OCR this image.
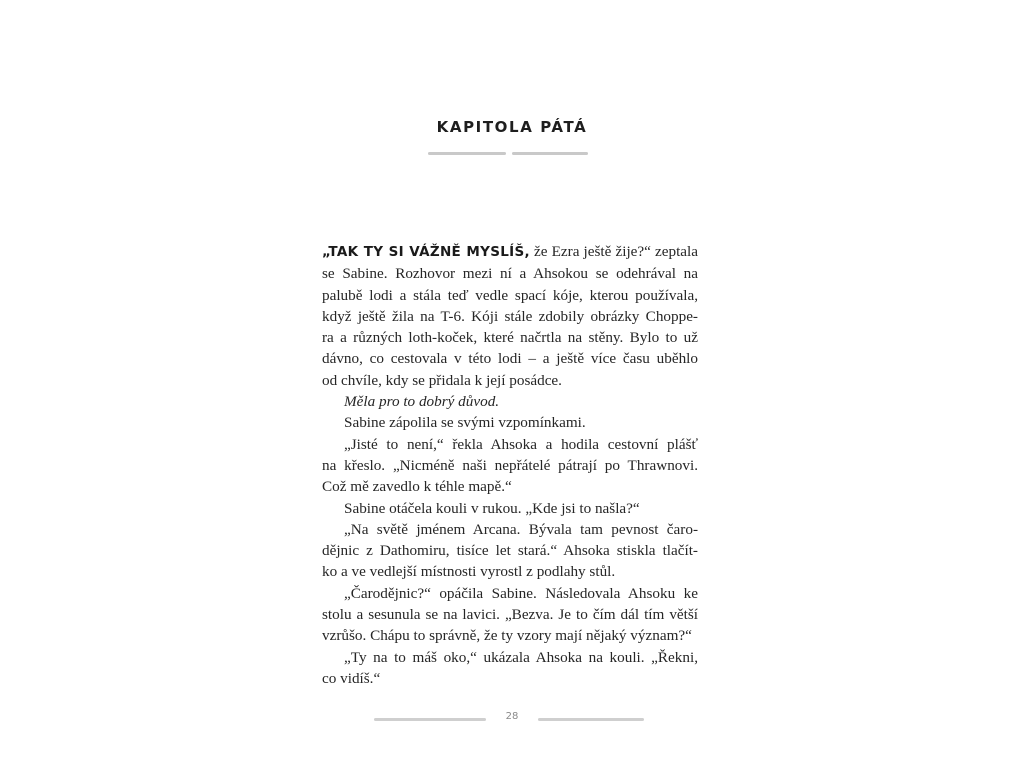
KAPITOLA PÁTÁ
„TAK TY SI VÁŽNĚ MYSLÍŠ, že Ezra ještě žije?“ zeptala
se Sabine. Rozhovor mezi ní a Ahsokou se odehrával na
palubě lodi a stála teď vedle spací kóje, kterou používala,
když ještě žila na T-6. Kóji stále zdobily obrázky Choppe-
ra a různých loth-koček, které načrtla na stěny. Bylo to už
dávno, co cestovala v této lodi – a ještě více času uběhlo
od chvíle, kdy se přidala k její posádce.
Měla pro to dobrý důvod.
Sabine zápolila se svými vzpomínkami.
„Jisté to není,“ řekla Ahsoka a hodila cestovní plášť
na křeslo. „Nicméně naši nepřátelé pátrají po Thrawnovi.
Což mě zavedlo k téhle mapě.“
Sabine otáčela kouli v rukou. „Kde jsi to našla?“
„Na světě jménem Arcana. Bývala tam pevnost čaro-
dějnic z Dathomiru, tisíce let stará.“ Ahsoka stiskla tlačít-
ko a ve vedlejší místnosti vyrostl z podlahy stůl.
„Čarodějnic?“ opáčila Sabine. Následovala Ahsoku ke
stolu a sesunula se na lavici. „Bezva. Je to čím dál tím větší
vzrůšo. Chápu to správně, že ty vzory mají nějaký význam?“
„Ty na to máš oko,“ ukázala Ahsoka na kouli. „Řekni,
co vidíš.“
28
